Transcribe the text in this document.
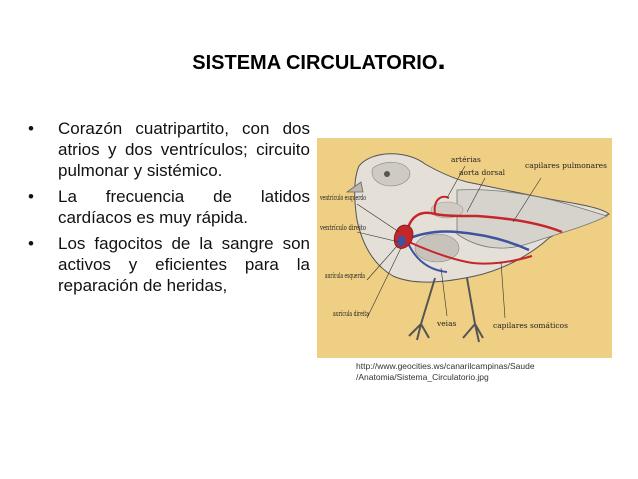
SISTEMA CIRCULATORIO.
•	Corazón cuatripartito, con dos atrios y dos ventrículos; circuito pulmonar y sistémico.
•	La frecuencia de latidos cardíacos es muy rápida.
•	Los fagocitos de la sangre son activos y eficientes para la reparación de heridas,
artérias
aorta dorsal
capilares pulmonares
ventrículo esquerdo
ventrículo direito
aurícula esquerda
aurícula direita
veias	capilares somáticos
http://www.geocities.ws/canarilcampinas/Saude
/Anatomia/Sistema_Circulatorio.jpg
